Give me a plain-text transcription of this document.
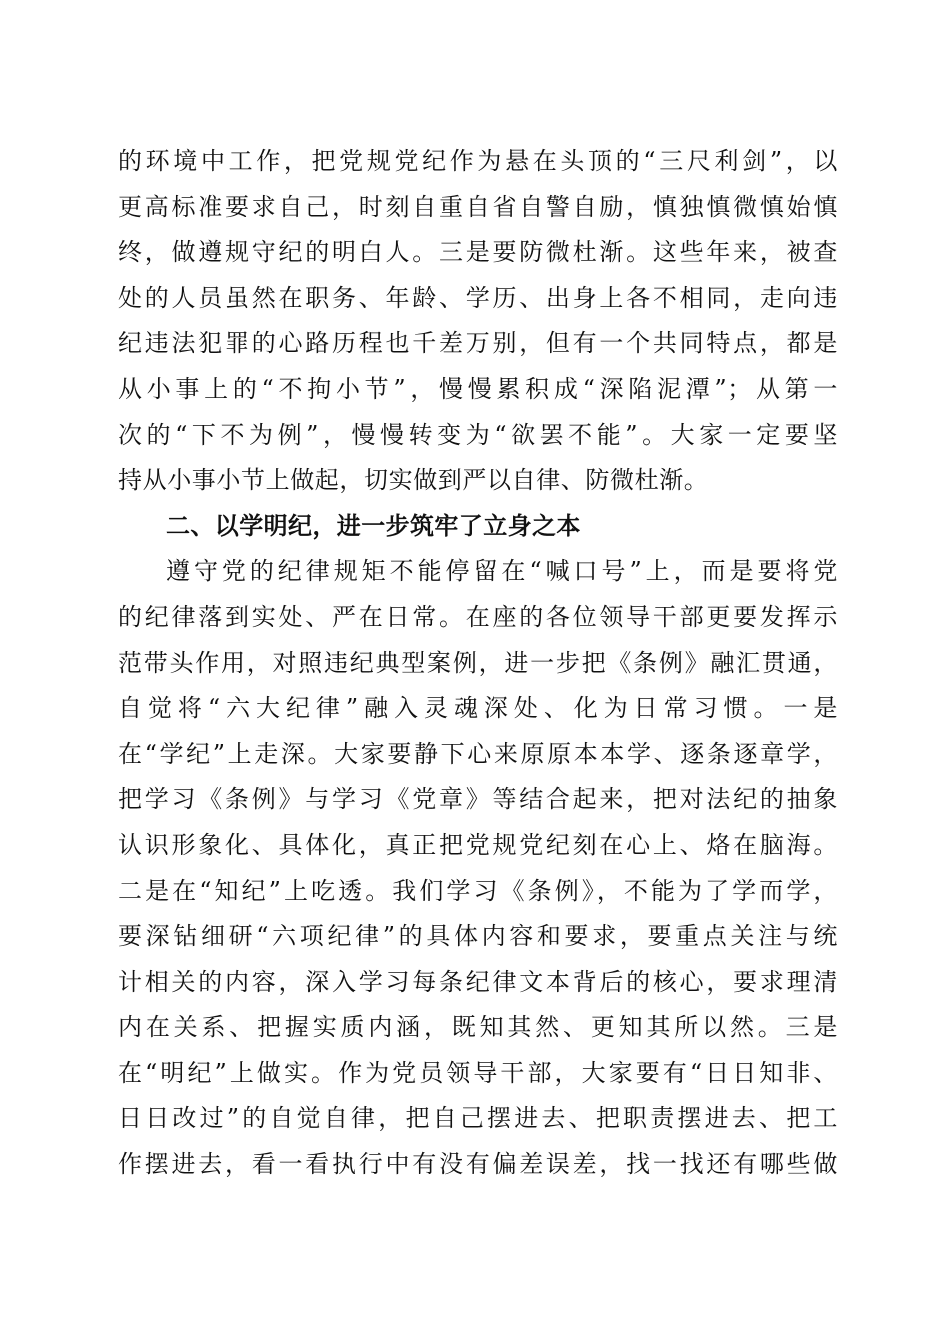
的环境中工作，把党规党纪作为悬在头顶的“三尺利剑”，以
更高标准要求自己，时刻自重自省自警自励，慎独慎微慎始慎
终，做遵规守纪的明白人。三是要防微杜渐。这些年来，被查
处的人员虽然在职务、年龄、学历、出身上各不相同，走向违
纪违法犯罪的心路历程也千差万别，但有一个共同特点，都是
从小事上的“不拘小节”，慢慢累积成“深陷泥潭”；从第一
次的“下不为例”，慢慢转变为“欲罢不能”。大家一定要坚
持从小事小节上做起，切实做到严以自律、防微杜渐。
二、以学明纪，进一步筑牢了立身之本
遵守党的纪律规矩不能停留在“喊口号”上，而是要将党
的纪律落到实处、严在日常。在座的各位领导干部更要发挥示
范带头作用，对照违纪典型案例，进一步把《条例》融汇贯通，
自觉将“六大纪律”融入灵魂深处、化为日常习惯。一是
在“学纪”上走深。大家要静下心来原原本本学、逐条逐章学，
把学习《条例》与学习《党章》等结合起来，把对法纪的抽象
认识形象化、具体化，真正把党规党纪刻在心上、烙在脑海。
二是在“知纪”上吃透。我们学习《条例》，不能为了学而学，
要深钻细研“六项纪律”的具体内容和要求，要重点关注与统
计相关的内容，深入学习每条纪律文本背后的核心，要求理清
内在关系、把握实质内涵，既知其然、更知其所以然。三是
在“明纪”上做实。作为党员领导干部，大家要有“日日知非、
日日改过”的自觉自律，把自己摆进去、把职责摆进去、把工
作摆进去，看一看执行中有没有偏差误差，找一找还有哪些做
